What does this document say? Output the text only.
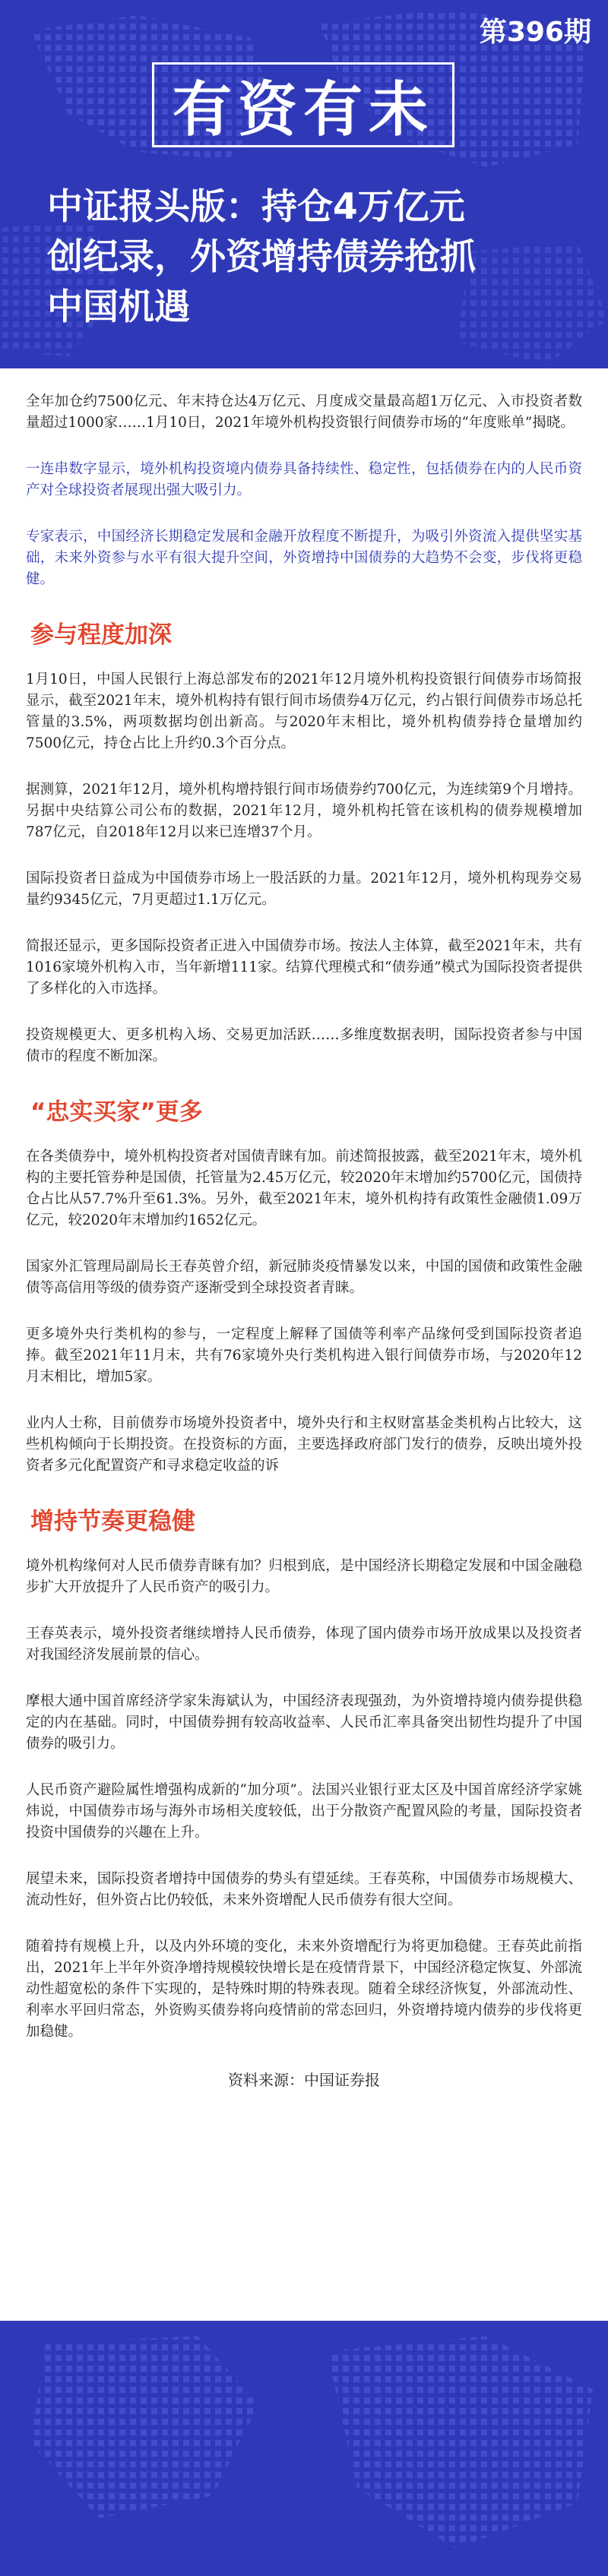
第396期
有资有未
中证报头版：持仓4万亿元
创纪录，外资增持债券抢抓
中国机遇

全年加仓约7500亿元、年末持仓达4万亿元、月度成交量最高超1万亿元、入市投资者数量超过1000家……1月10日，2021年境外机构投资银行间债券市场的“年度账单”揭晓。

一连串数字显示，境外机构投资境内债券具备持续性、稳定性，包括债券在内的人民币资产对全球投资者展现出强大吸引力。

专家表示，中国经济长期稳定发展和金融开放程度不断提升，为吸引外资流入提供坚实基础，未来外资参与水平有很大提升空间，外资增持中国债券的大趋势不会变，步伐将更稳健。

参与程度加深

1月10日，中国人民银行上海总部发布的2021年12月境外机构投资银行间债券市场简报显示，截至2021年末，境外机构持有银行间市场债券4万亿元，约占银行间债券市场总托管量的3.5%，两项数据均创出新高。与2020年末相比，境外机构债券持仓量增加约7500亿元，持仓占比上升约0.3个百分点。

据测算，2021年12月，境外机构增持银行间市场债券约700亿元，为连续第9个月增持。另据中央结算公司公布的数据，2021年12月，境外机构托管在该机构的债券规模增加787亿元，自2018年12月以来已连增37个月。

国际投资者日益成为中国债券市场上一股活跃的力量。2021年12月，境外机构现券交易量约9345亿元，7月更超过1.1万亿元。

简报还显示，更多国际投资者正进入中国债券市场。按法人主体算，截至2021年末，共有1016家境外机构入市，当年新增111家。结算代理模式和“债券通”模式为国际投资者提供了多样化的入市选择。

投资规模更大、更多机构入场、交易更加活跃……多维度数据表明，国际投资者参与中国债市的程度不断加深。

“忠实买家”更多

在各类债券中，境外机构投资者对国债青睐有加。前述简报披露，截至2021年末，境外机构的主要托管券种是国债，托管量为2.45万亿元，较2020年末增加约5700亿元，国债持仓占比从57.7%升至61.3%。另外，截至2021年末，境外机构持有政策性金融债1.09万亿元，较2020年末增加约1652亿元。

国家外汇管理局副局长王春英曾介绍，新冠肺炎疫情暴发以来，中国的国债和政策性金融债等高信用等级的债券资产逐渐受到全球投资者青睐。

更多境外央行类机构的参与，一定程度上解释了国债等利率产品缘何受到国际投资者追捧。截至2021年11月末，共有76家境外央行类机构进入银行间债券市场，与2020年12月末相比，增加5家。

业内人士称，目前债券市场境外投资者中，境外央行和主权财富基金类机构占比较大，这些机构倾向于长期投资。在投资标的方面，主要选择政府部门发行的债券，反映出境外投资者多元化配置资产和寻求稳定收益的诉

增持节奏更稳健

境外机构缘何对人民币债券青睐有加？归根到底，是中国经济长期稳定发展和中国金融稳步扩大开放提升了人民币资产的吸引力。

王春英表示，境外投资者继续增持人民币债券，体现了国内债券市场开放成果以及投资者对我国经济发展前景的信心。

摩根大通中国首席经济学家朱海斌认为，中国经济表现强劲，为外资增持境内债券提供稳定的内在基础。同时，中国债券拥有较高收益率、人民币汇率具备突出韧性均提升了中国债券的吸引力。

人民币资产避险属性增强构成新的“加分项”。法国兴业银行亚太区及中国首席经济学家姚炜说，中国债券市场与海外市场相关度较低，出于分散资产配置风险的考量，国际投资者投资中国债券的兴趣在上升。

展望未来，国际投资者增持中国债券的势头有望延续。王春英称，中国债券市场规模大、流动性好，但外资占比仍较低，未来外资增配人民币债券有很大空间。

随着持有规模上升，以及内外环境的变化，未来外资增配行为将更加稳健。王春英此前指出，2021年上半年外资净增持规模较快增长是在疫情背景下，中国经济稳定恢复、外部流动性超宽松的条件下实现的，是特殊时期的特殊表现。随着全球经济恢复，外部流动性、利率水平回归常态，外资购买债券将向疫情前的常态回归，外资增持境内债券的步伐将更加稳健。

资料来源：中国证券报
